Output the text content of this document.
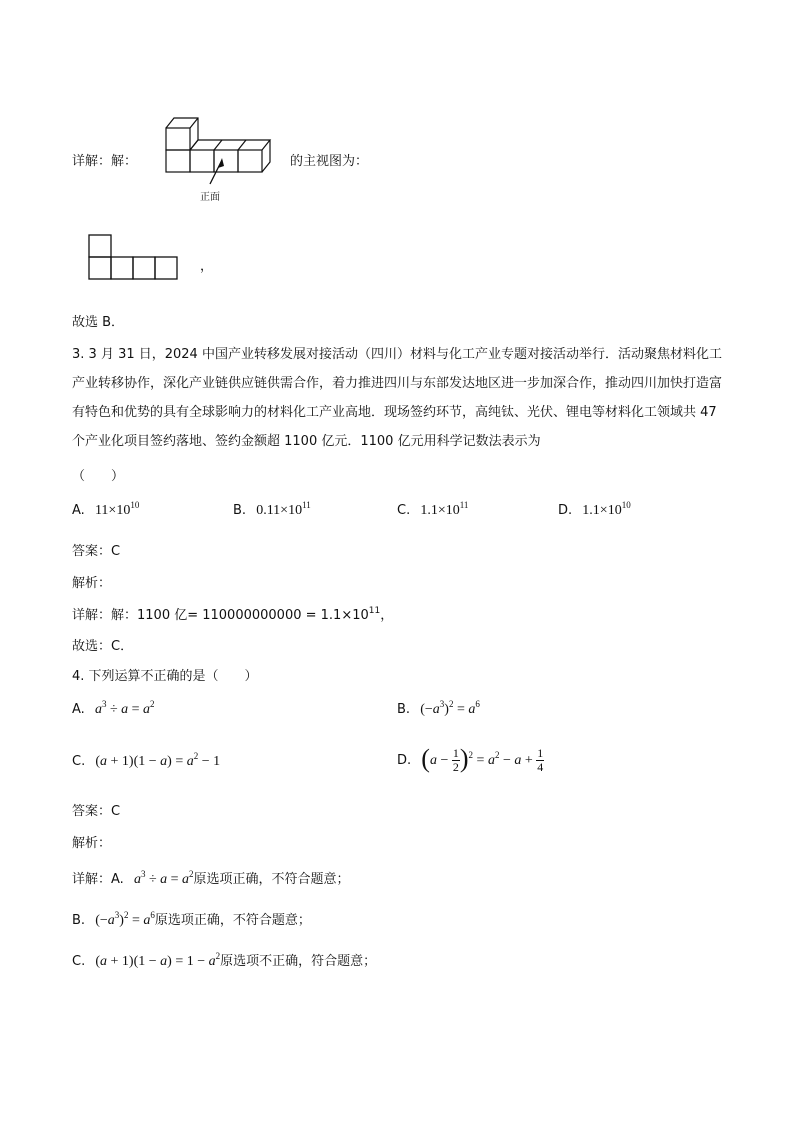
详解：解：
正面
的主视图为：
，
故选 B．
3. 3 月 31 日，2024 中国产业转移发展对接活动（四川）材料与化工产业专题对接活动举行．活动聚焦材料化工产业转移协作，深化产业链供应链供需合作，着力推进四川与东部发达地区进一步加深合作，推动四川加快打造富有特色和优势的具有全球影响力的材料化工产业高地．现场签约环节，高纯钛、光伏、锂电等材料化工领域共 47 个产业化项目签约落地、签约金额超 1100 亿元．1100 亿元用科学记数法表示为
（　　）
A. $11\times 10^{10}$	B. $0.11\times 10^{11}$	C. $1.1\times 10^{11}$	D. $1.1\times 10^{10}$
答案：C
解析：
详解：解：1100 亿= $110000000000 = 1.1\times 10^{11}$，
故选：C．
4. 下列运算不正确的是（　　）
A. $a^3 \div a = a^2$	B. $(-a^3)^2 = a^6$
C. $(a + 1)(1 - a) = a^2 - 1$	D. $(a - \frac{1}{2} )^2 = a^2 - a + \frac{1}{4}$
答案：C
解析：
详解：A. $a^3 \div a = a^2$原选项正确，不符合题意；
B. $(-a^3)^2 = a^6$原选项正确，不符合题意；
C. $(a + 1)(1 - a) = 1 - a^2$原选项不正确，符合题意；
